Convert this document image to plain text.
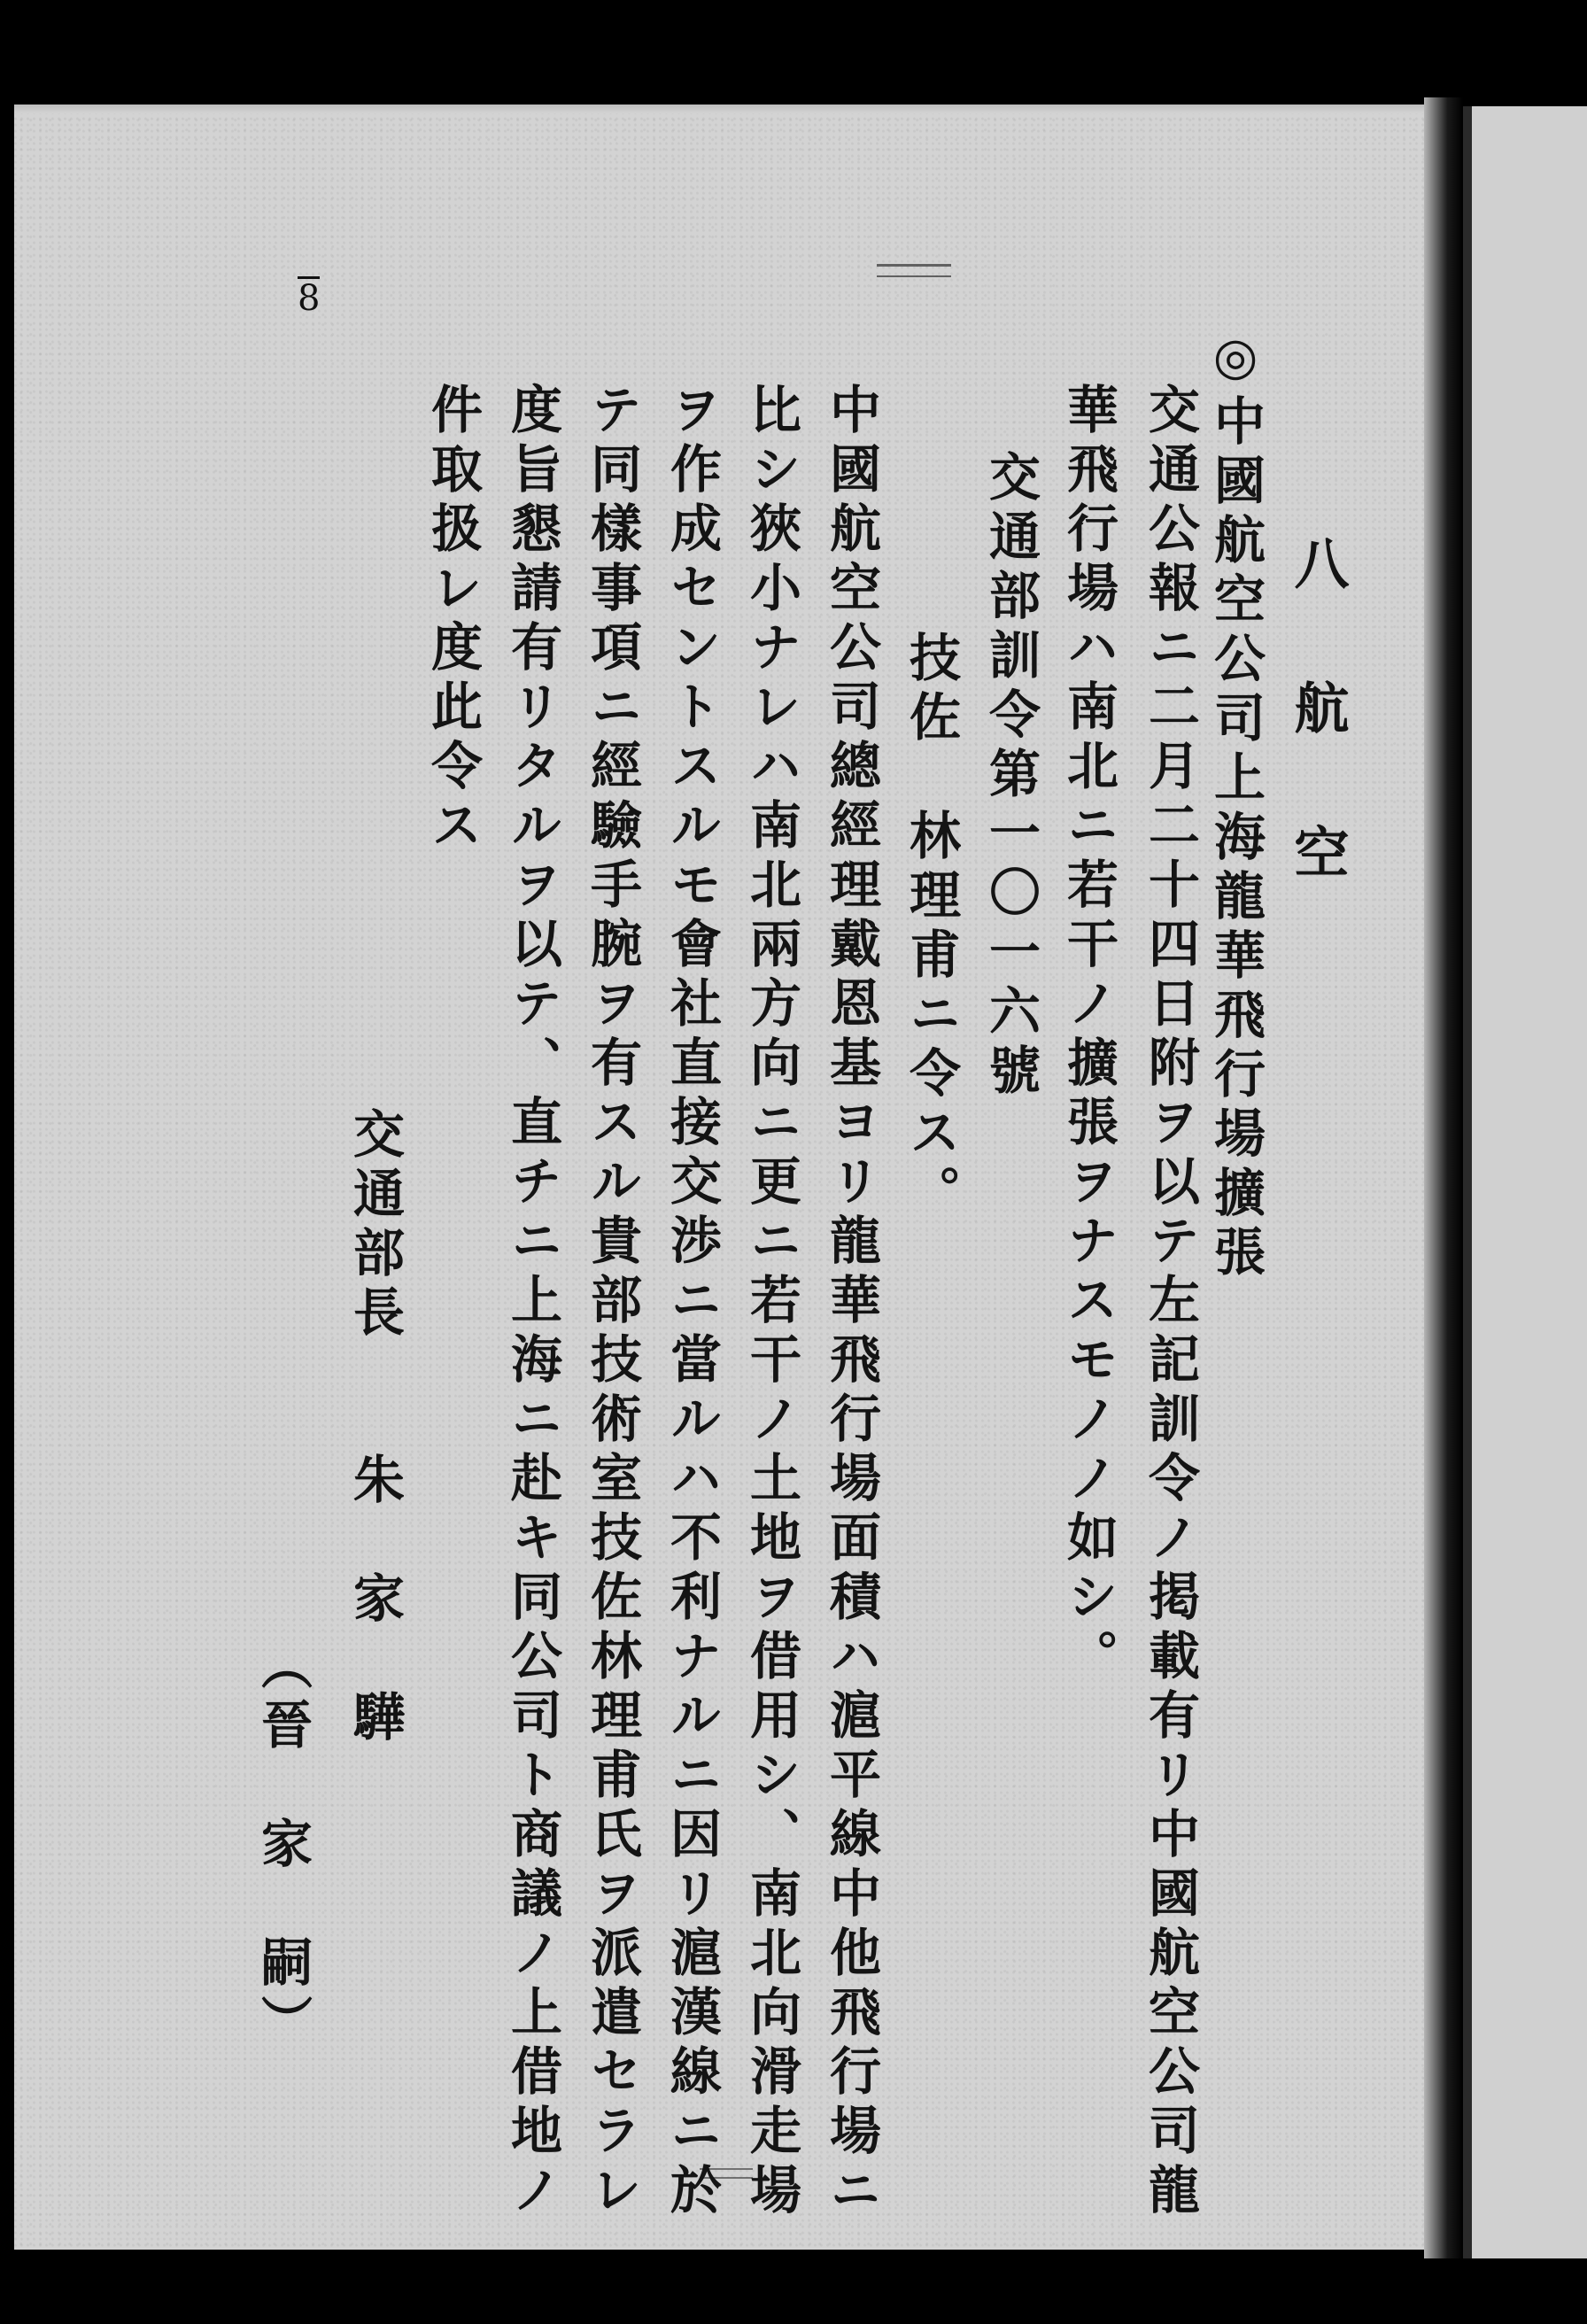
8
八 航 空
◎中國航空公司上海龍華飛行場擴張
交通公報ニ二月二十四日附ヲ以テ左記訓令ノ掲載有リ中國航空公司龍
華飛行場ハ南北ニ若干ノ擴張ヲナスモノノ如シ。
交通部訓令第一〇一六號
技佐　林理甫ニ令ス。
中國航空公司總經理戴恩基ヨリ龍華飛行場面積ハ滬平線中他飛行場ニ
比シ狹小ナレハ南北兩方向ニ更ニ若干ノ土地ヲ借用シ、南北向滑走場
ヲ作成セントスルモ會社直接交渉ニ當ルハ不利ナルニ因リ滬漢線ニ於
テ同樣事項ニ經驗手腕ヲ有スル貴部技術室技佐林理甫氏ヲ派遣セラレ
度旨懇請有リタルヲ以テ、直チニ上海ニ赴キ同公司ト商議ノ上借地ノ
件取扱レ度此令ス
交通部長
朱　家　驊
（晉　家　嗣）
